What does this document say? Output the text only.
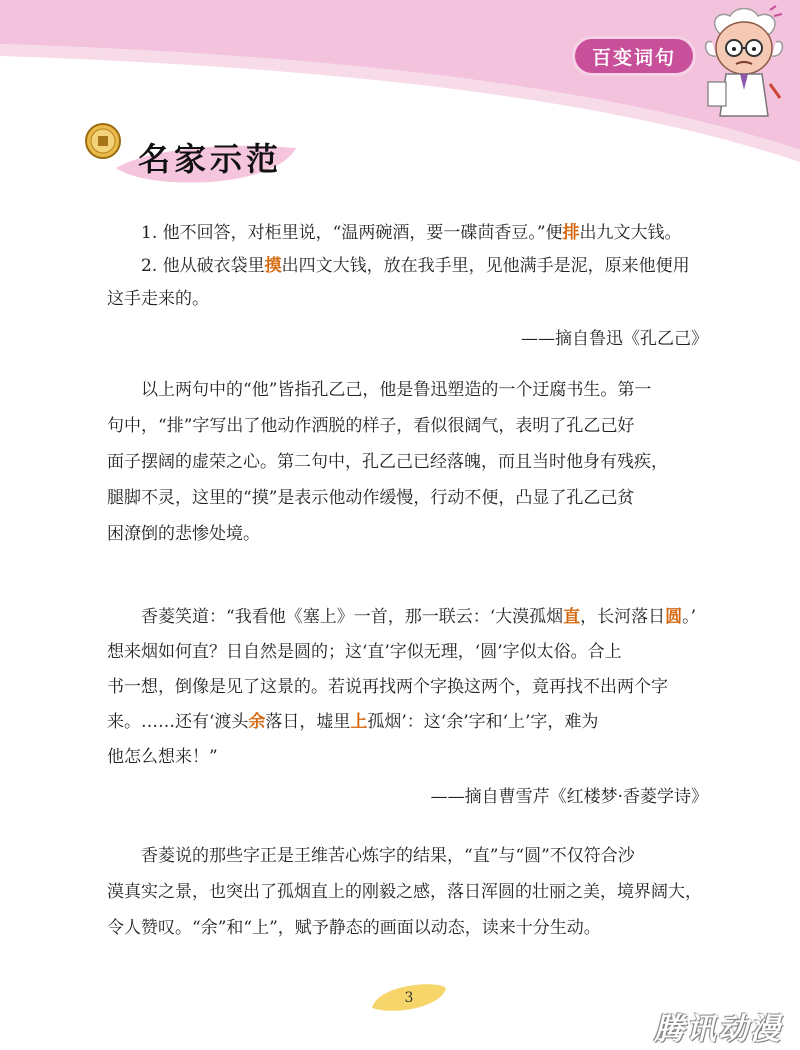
百变词句
名家示范
1. 他不回答，对柜里说，“温两碗酒，要一碟茴香豆。”便排出九文大钱。
2. 他从破衣袋里摸出四文大钱，放在我手里，见他满手是泥，原来他便用
这手走来的。
——摘自鲁迅《孔乙己》
以上两句中的“他”皆指孔乙己，他是鲁迅塑造的一个迂腐书生。第一
句中，“排”字写出了他动作洒脱的样子，看似很阔气，表明了孔乙己好
面子摆阔的虚荣之心。第二句中，孔乙己已经落魄，而且当时他身有残疾，
腿脚不灵，这里的“摸”是表示他动作缓慢，行动不便，凸显了孔乙己贫
困潦倒的悲惨处境。
香菱笑道：“我看他《塞上》一首，那一联云：‘大漠孤烟直，长河落日圆。’
想来烟如何直？日自然是圆的；这‘直’字似无理，‘圆’字似太俗。合上
书一想，倒像是见了这景的。若说再找两个字换这两个，竟再找不出两个字
来。……还有‘渡头余落日，墟里上孤烟’：这‘余’字和‘上’字，难为
他怎么想来！”
——摘自曹雪芹《红楼梦·香菱学诗》
香菱说的那些字正是王维苦心炼字的结果，“直”与“圆”不仅符合沙
漠真实之景，也突出了孤烟直上的刚毅之感，落日浑圆的壮丽之美，境界阔大，
令人赞叹。“余”和“上”，赋予静态的画面以动态，读来十分生动。
3
腾讯动漫
